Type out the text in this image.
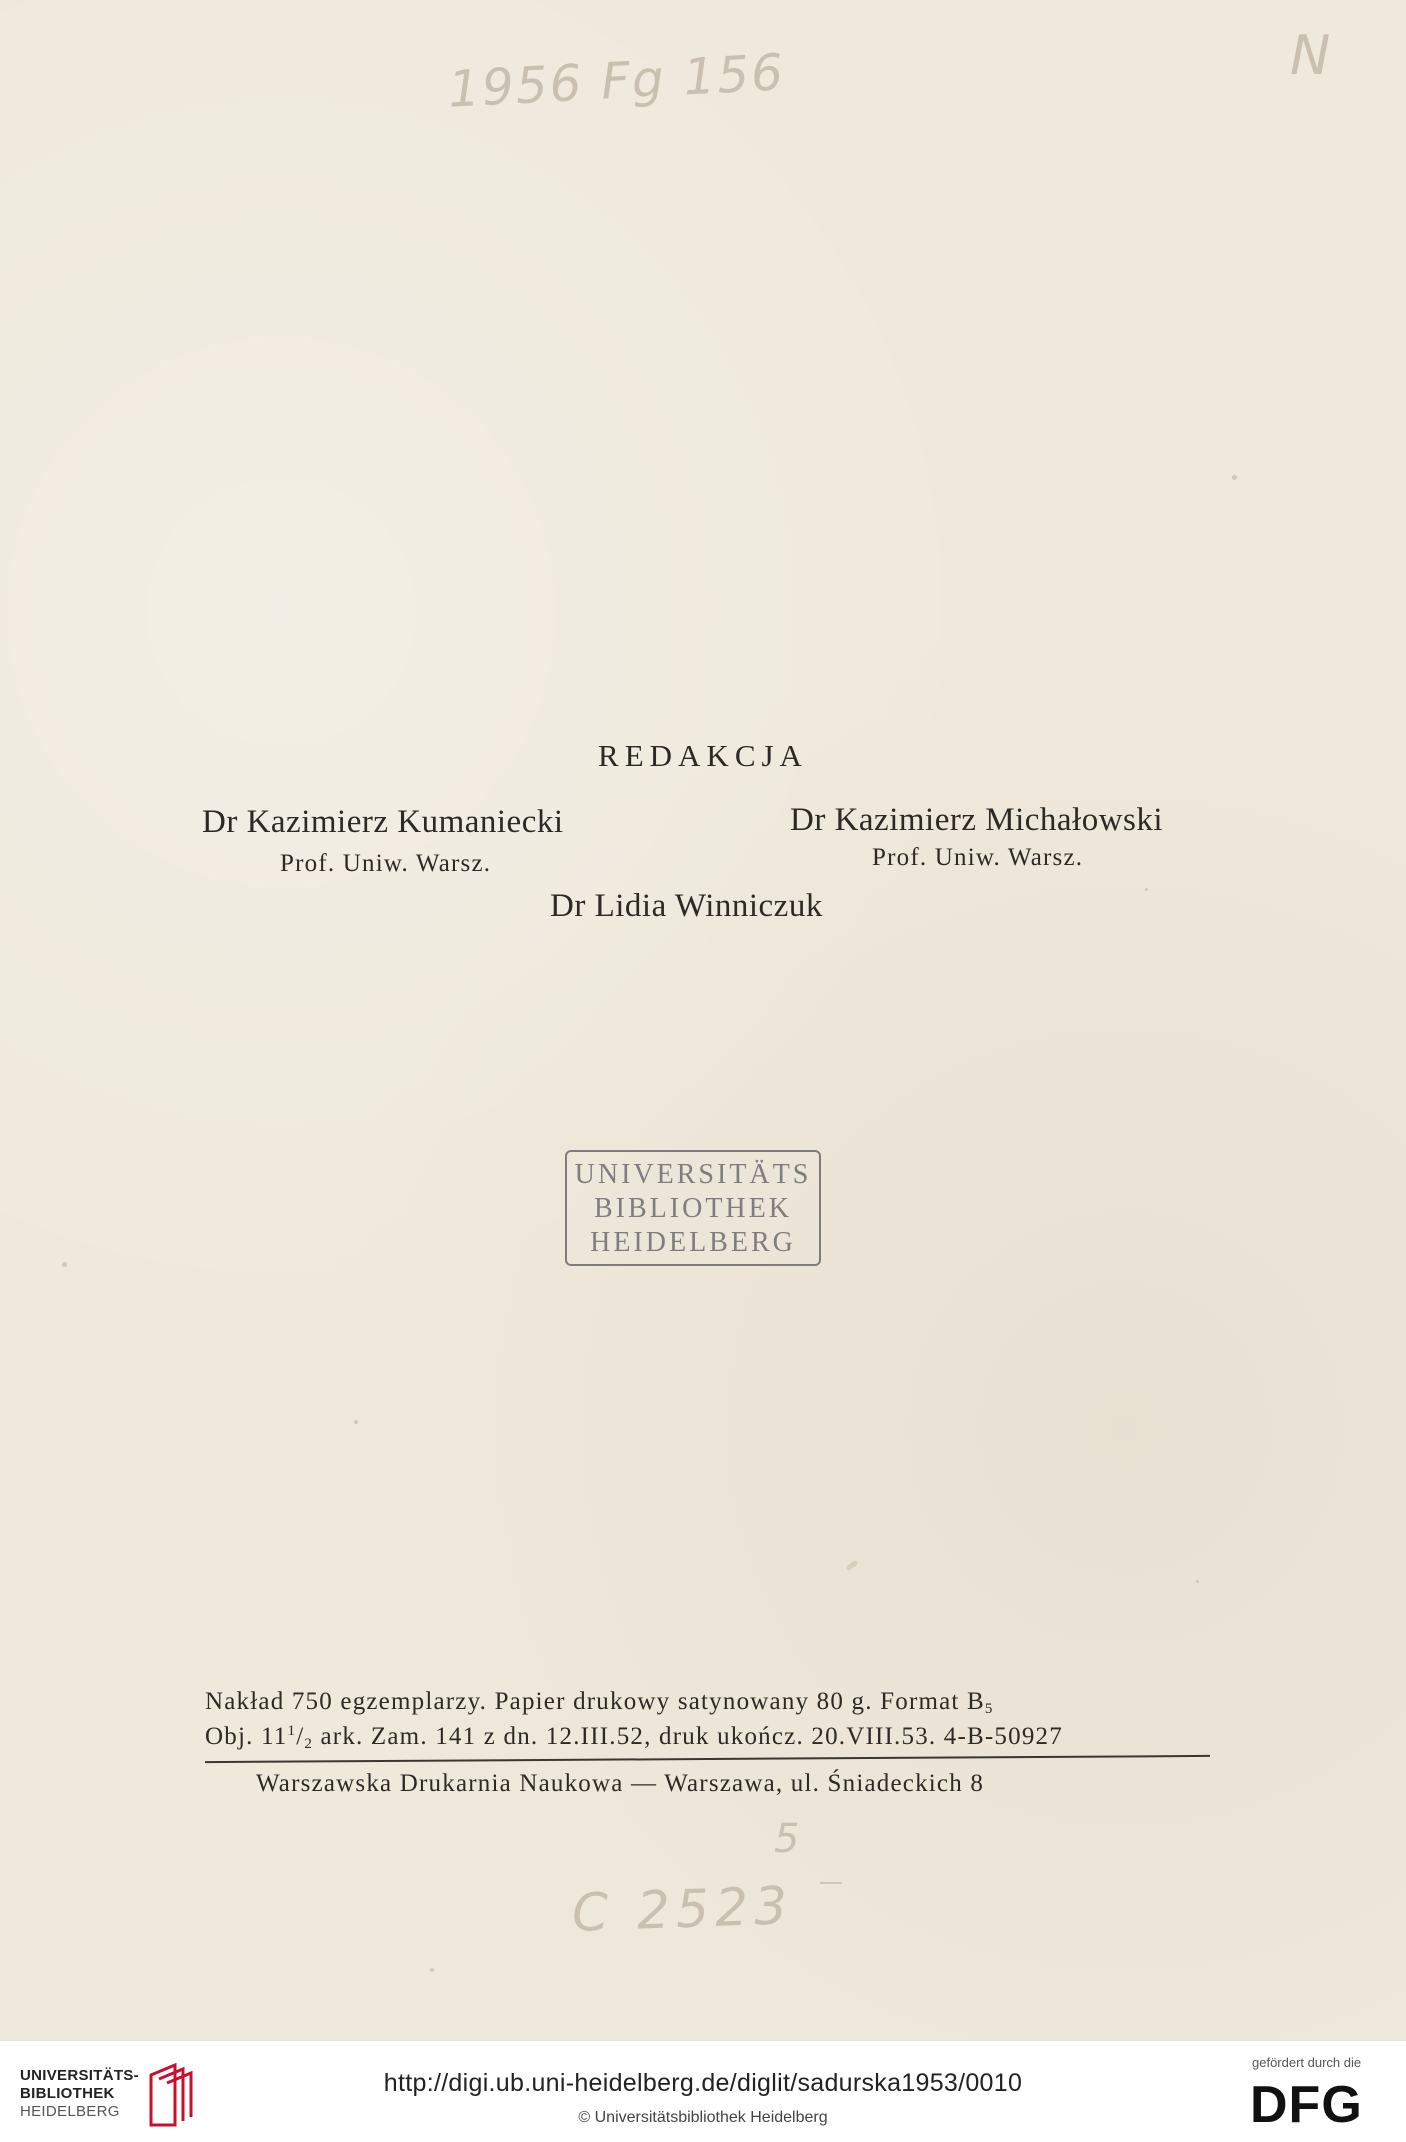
1956 Fg 156	N
5
C 2523
REDAKCJA
Dr Kazimierz Kumaniecki
Prof. Uniw. Warsz.
Dr Kazimierz Michałowski
Prof. Uniw. Warsz.
Dr Lidia Winniczuk
UNIVERSITÄTS
BIBLIOTHEK
HEIDELBERG
Nakład 750 egzemplarzy. Papier drukowy satynowany 80 g. Format $B_5$
Obj. $11^1/_2$ ark. Zam. 141 z dn. 12.III.52, druk ukończ. 20.VIII.53. 4-B-50927
Warszawska Drukarnia Naukowa — Warszawa, ul. Śniadeckich 8
UNIVERSITÄTS-
BIBLIOTHEK
HEIDELBERG
http://digi.ub.uni-heidelberg.de/diglit/sadurska1953/0010
© Universitätsbibliothek Heidelberg
gefördert durch die
DFG
